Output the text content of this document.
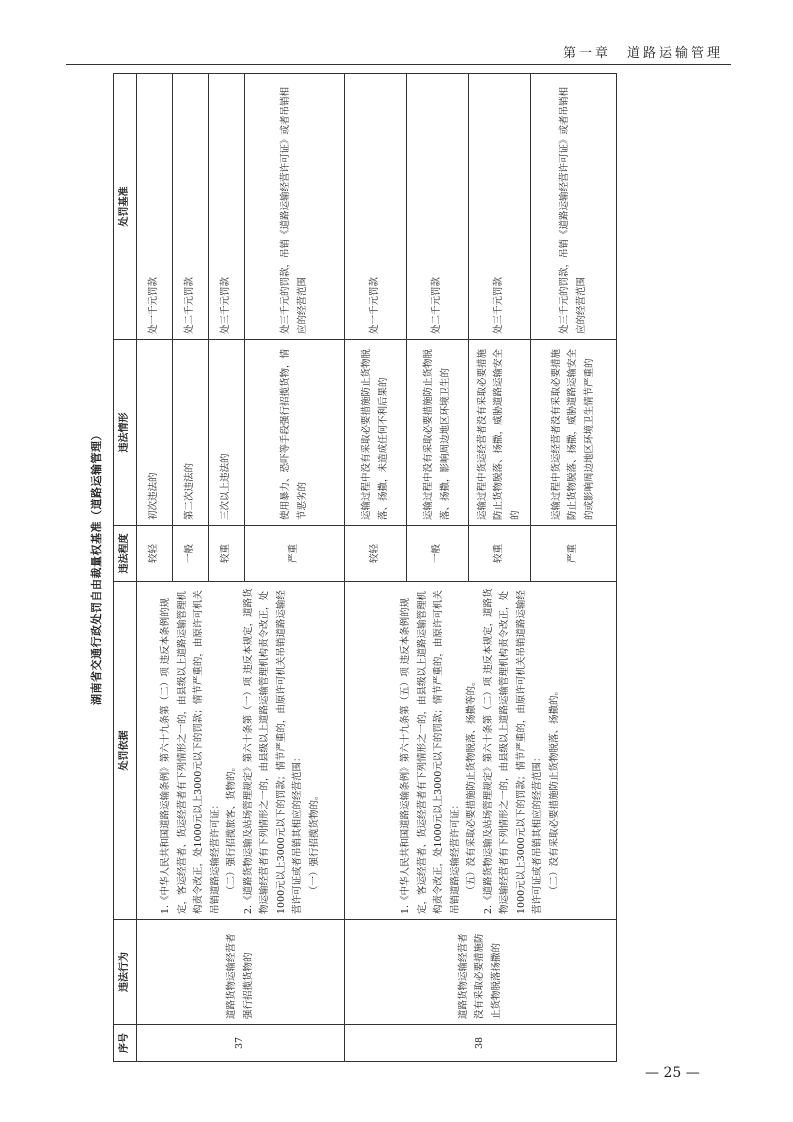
第一章　道路运输管理
湖南省交通行政处罚自由裁量权基准（道路运输管理）
序号	违法行为	处罚依据	违法程度	违法情形	处罚基准
37	道路货物运输经营者强行招揽货物的	1.《中华人民共和国道路运输条例》第六十九条第（二）项 违反本条例的规定，客运经营者、货运经营者有下列情形之一的，由县级以上道路运输管理机构责令改正，处1000元以上3000元以下的罚款；情节严重的，由原许可机关吊销道路运输经营许可证： （二）强行招揽旅客、货物的。 2.《道路货物运输及站场管理规定》第六十条第（一）项 违反本规定，道路货物运输经营者有下列情形之一的，由县级以上道路运输管理机构责令改正，处1000元以上3000元以下的罚款；情节严重的，由原许可机关吊销道路运输经营许可证或者吊销其相应的经营范围： （一）强行招揽货物的。	较轻	初次违法的	处一千元罚款
			一般	第二次违法的	处二千元罚款
			较重	三次以上违法的	处三千元罚款
			严重	使用暴力、恐吓等手段强行招揽货物，情节恶劣的	处三千元的罚款，吊销《道路运输经营许可证》或者吊销相应的经营范围
38	道路货物运输经营者没有采取必要措施防止货物脱落扬撒的	1.《中华人民共和国道路运输条例》第六十九条第（五）项 违反本条例的规定，客运经营者、货运经营者有下列情形之一的，由县级以上道路运输管理机构责令改正，处1000元以上3000元以下的罚款；情节严重的，由原许可机关吊销道路运输经营许可证： （五）没有采取必要措施防止货物脱落、扬撒等的。 2.《道路货物运输及站场管理规定》第六十条第（二）项 违反本规定，道路货物运输经营者有下列情形之一的，由县级以上道路运输管理机构责令改正，处1000元以上3000元以下的罚款；情节严重的，由原许可机关吊销道路运输经营许可证或者吊销其相应的经营范围： （二）没有采取必要措施防止货物脱落、扬撒的。	较轻	运输过程中没有采取必要措施防止货物脱落、扬撒，未造成任何不利后果的	处一千元罚款
			一般	运输过程中没有采取必要措施防止货物脱落、扬撒，影响周边地区环境卫生的	处二千元罚款
			较重	运输过程中货运经营者没有采取必要措施防止货物脱落、扬撒，威胁道路运输安全的	处三千元罚款
			严重	运输过程中货运经营者没有采取必要措施防止货物脱落、扬撒，威胁道路运输安全的或影响周边地区环境卫生情节严重的	处三千元的罚款，吊销《道路运输经营许可证》或者吊销相应的经营范围
— 25 —
